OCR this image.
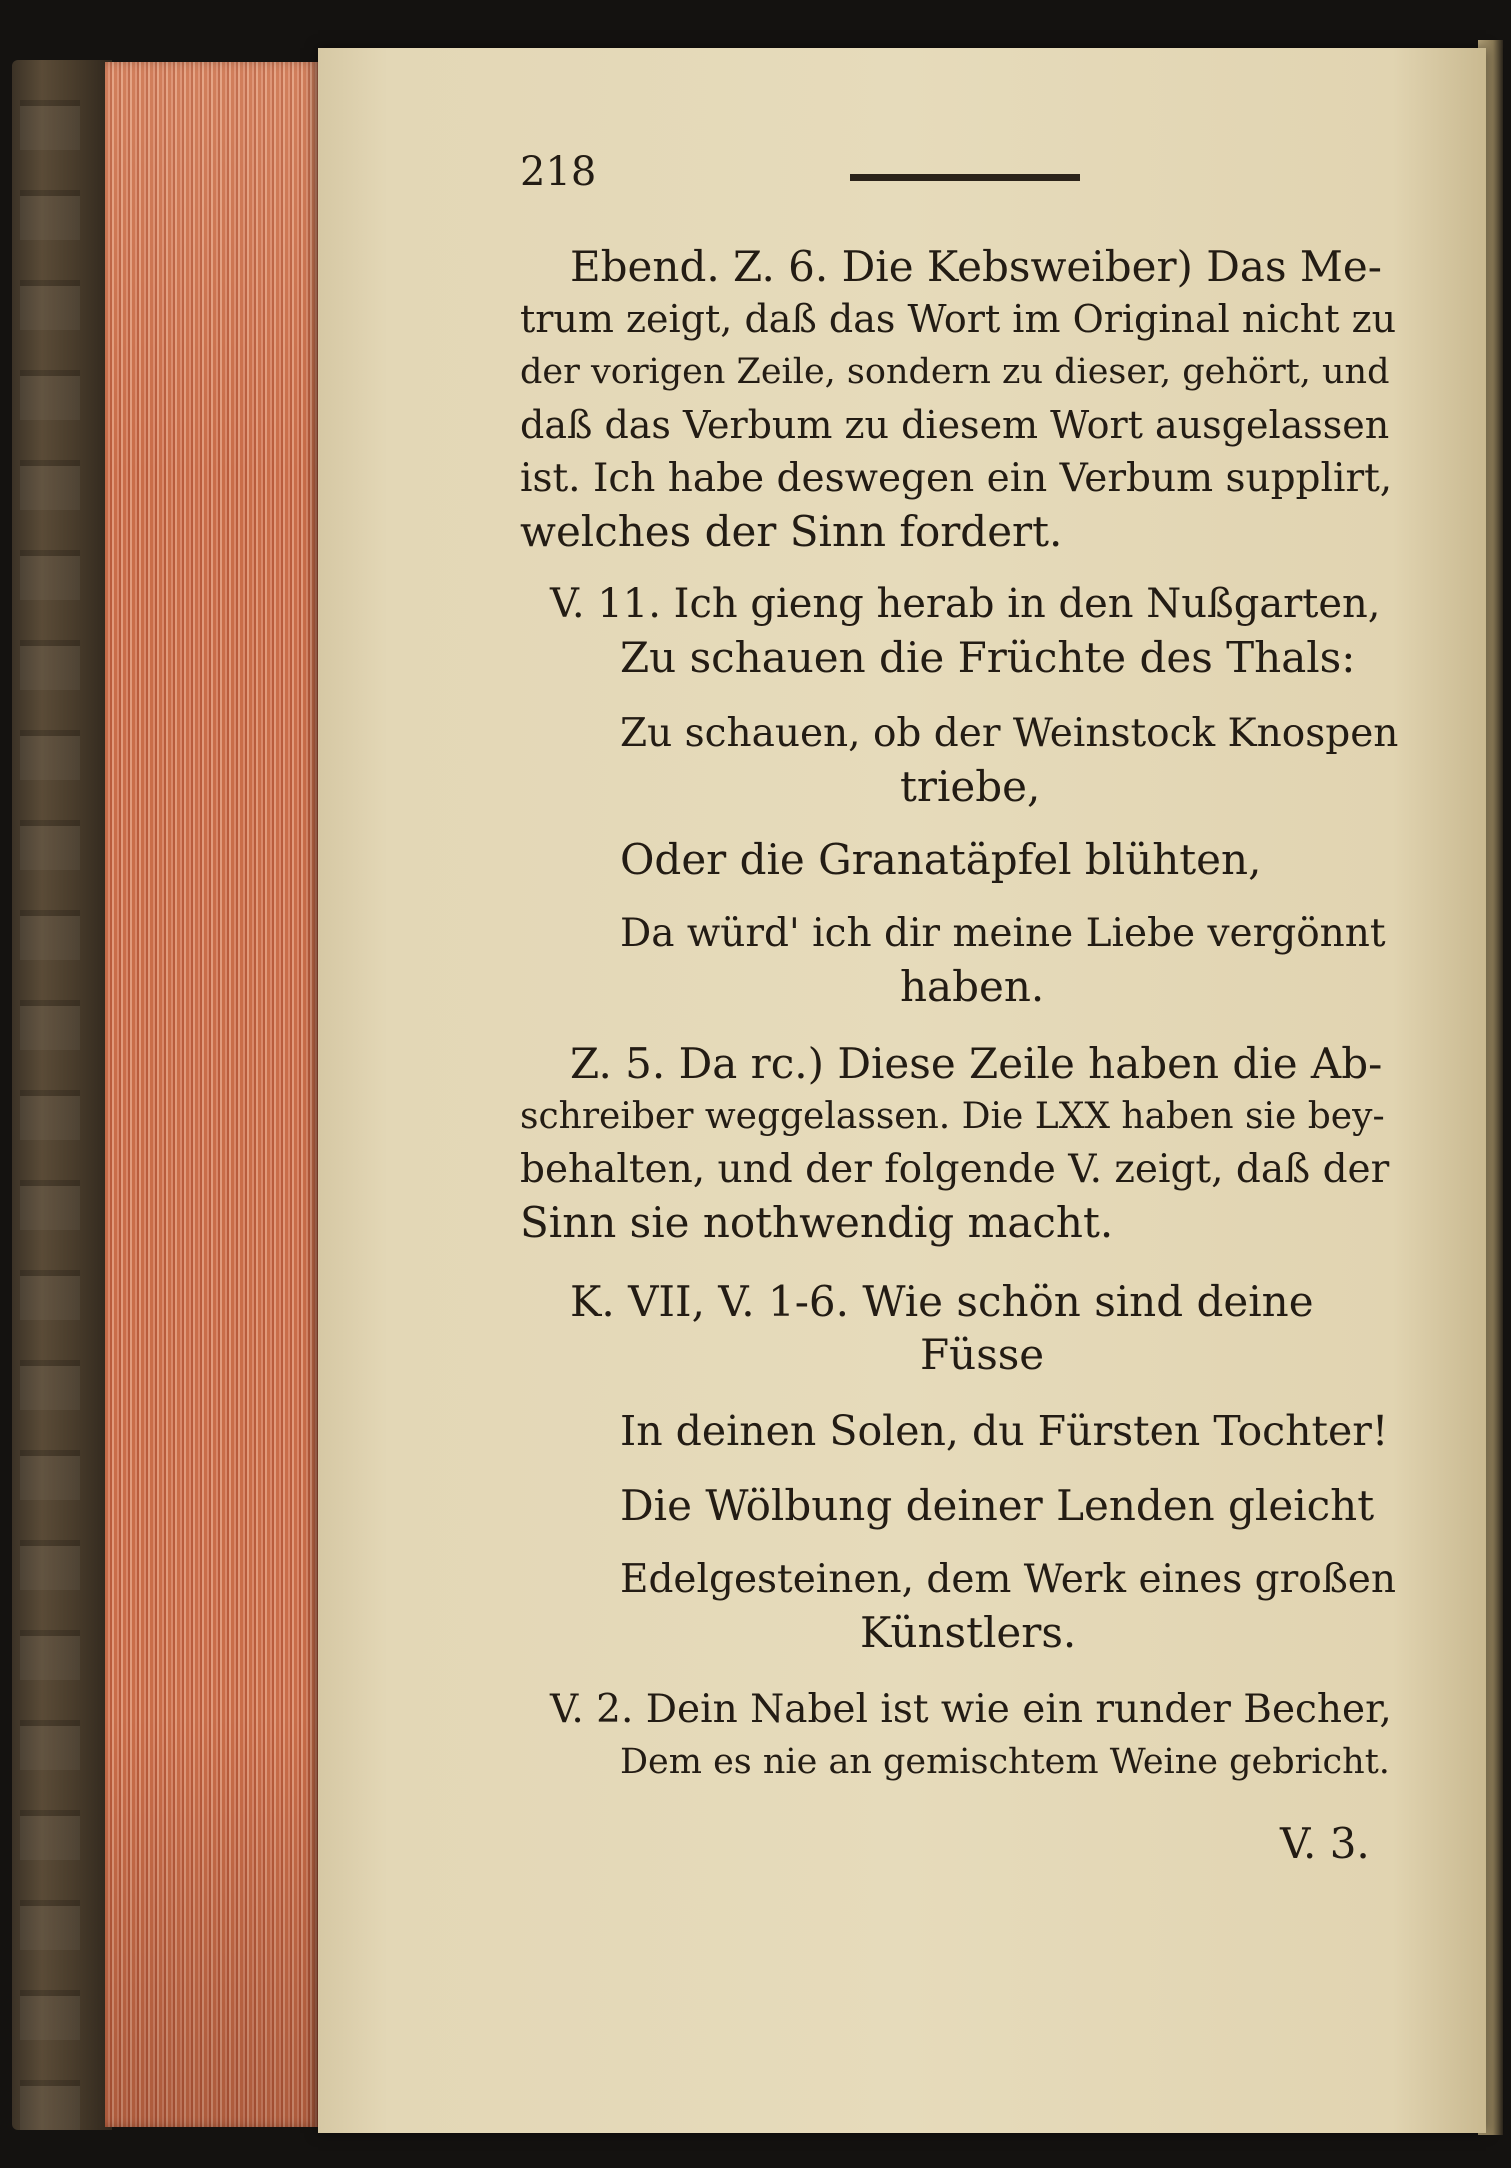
218
Ebend. Z. 6. Die Kebsweiber) Das Me-
trum zeigt, daß das Wort im Original nicht zu
der vorigen Zeile, sondern zu dieser, gehört, und
daß das Verbum zu diesem Wort ausgelassen
ist. Ich habe deswegen ein Verbum supplirt,
welches der Sinn fordert.
V. 11. Ich gieng herab in den Nußgarten,
Zu schauen die Früchte des Thals:
Zu schauen, ob der Weinstock Knospen
triebe,
Oder die Granatäpfel blühten,
Da würd' ich dir meine Liebe vergönnt
haben.
Z. 5. Da rc.) Diese Zeile haben die Ab-
schreiber weggelassen. Die LXX haben sie bey-
behalten, und der folgende V. zeigt, daß der
Sinn sie nothwendig macht.
K. VII, V. 1-6. Wie schön sind deine
Füsse
In deinen Solen, du Fürsten Tochter!
Die Wölbung deiner Lenden gleicht
Edelgesteinen, dem Werk eines großen
Künstlers.
V. 2. Dein Nabel ist wie ein runder Becher,
Dem es nie an gemischtem Weine gebricht.
V. 3.
